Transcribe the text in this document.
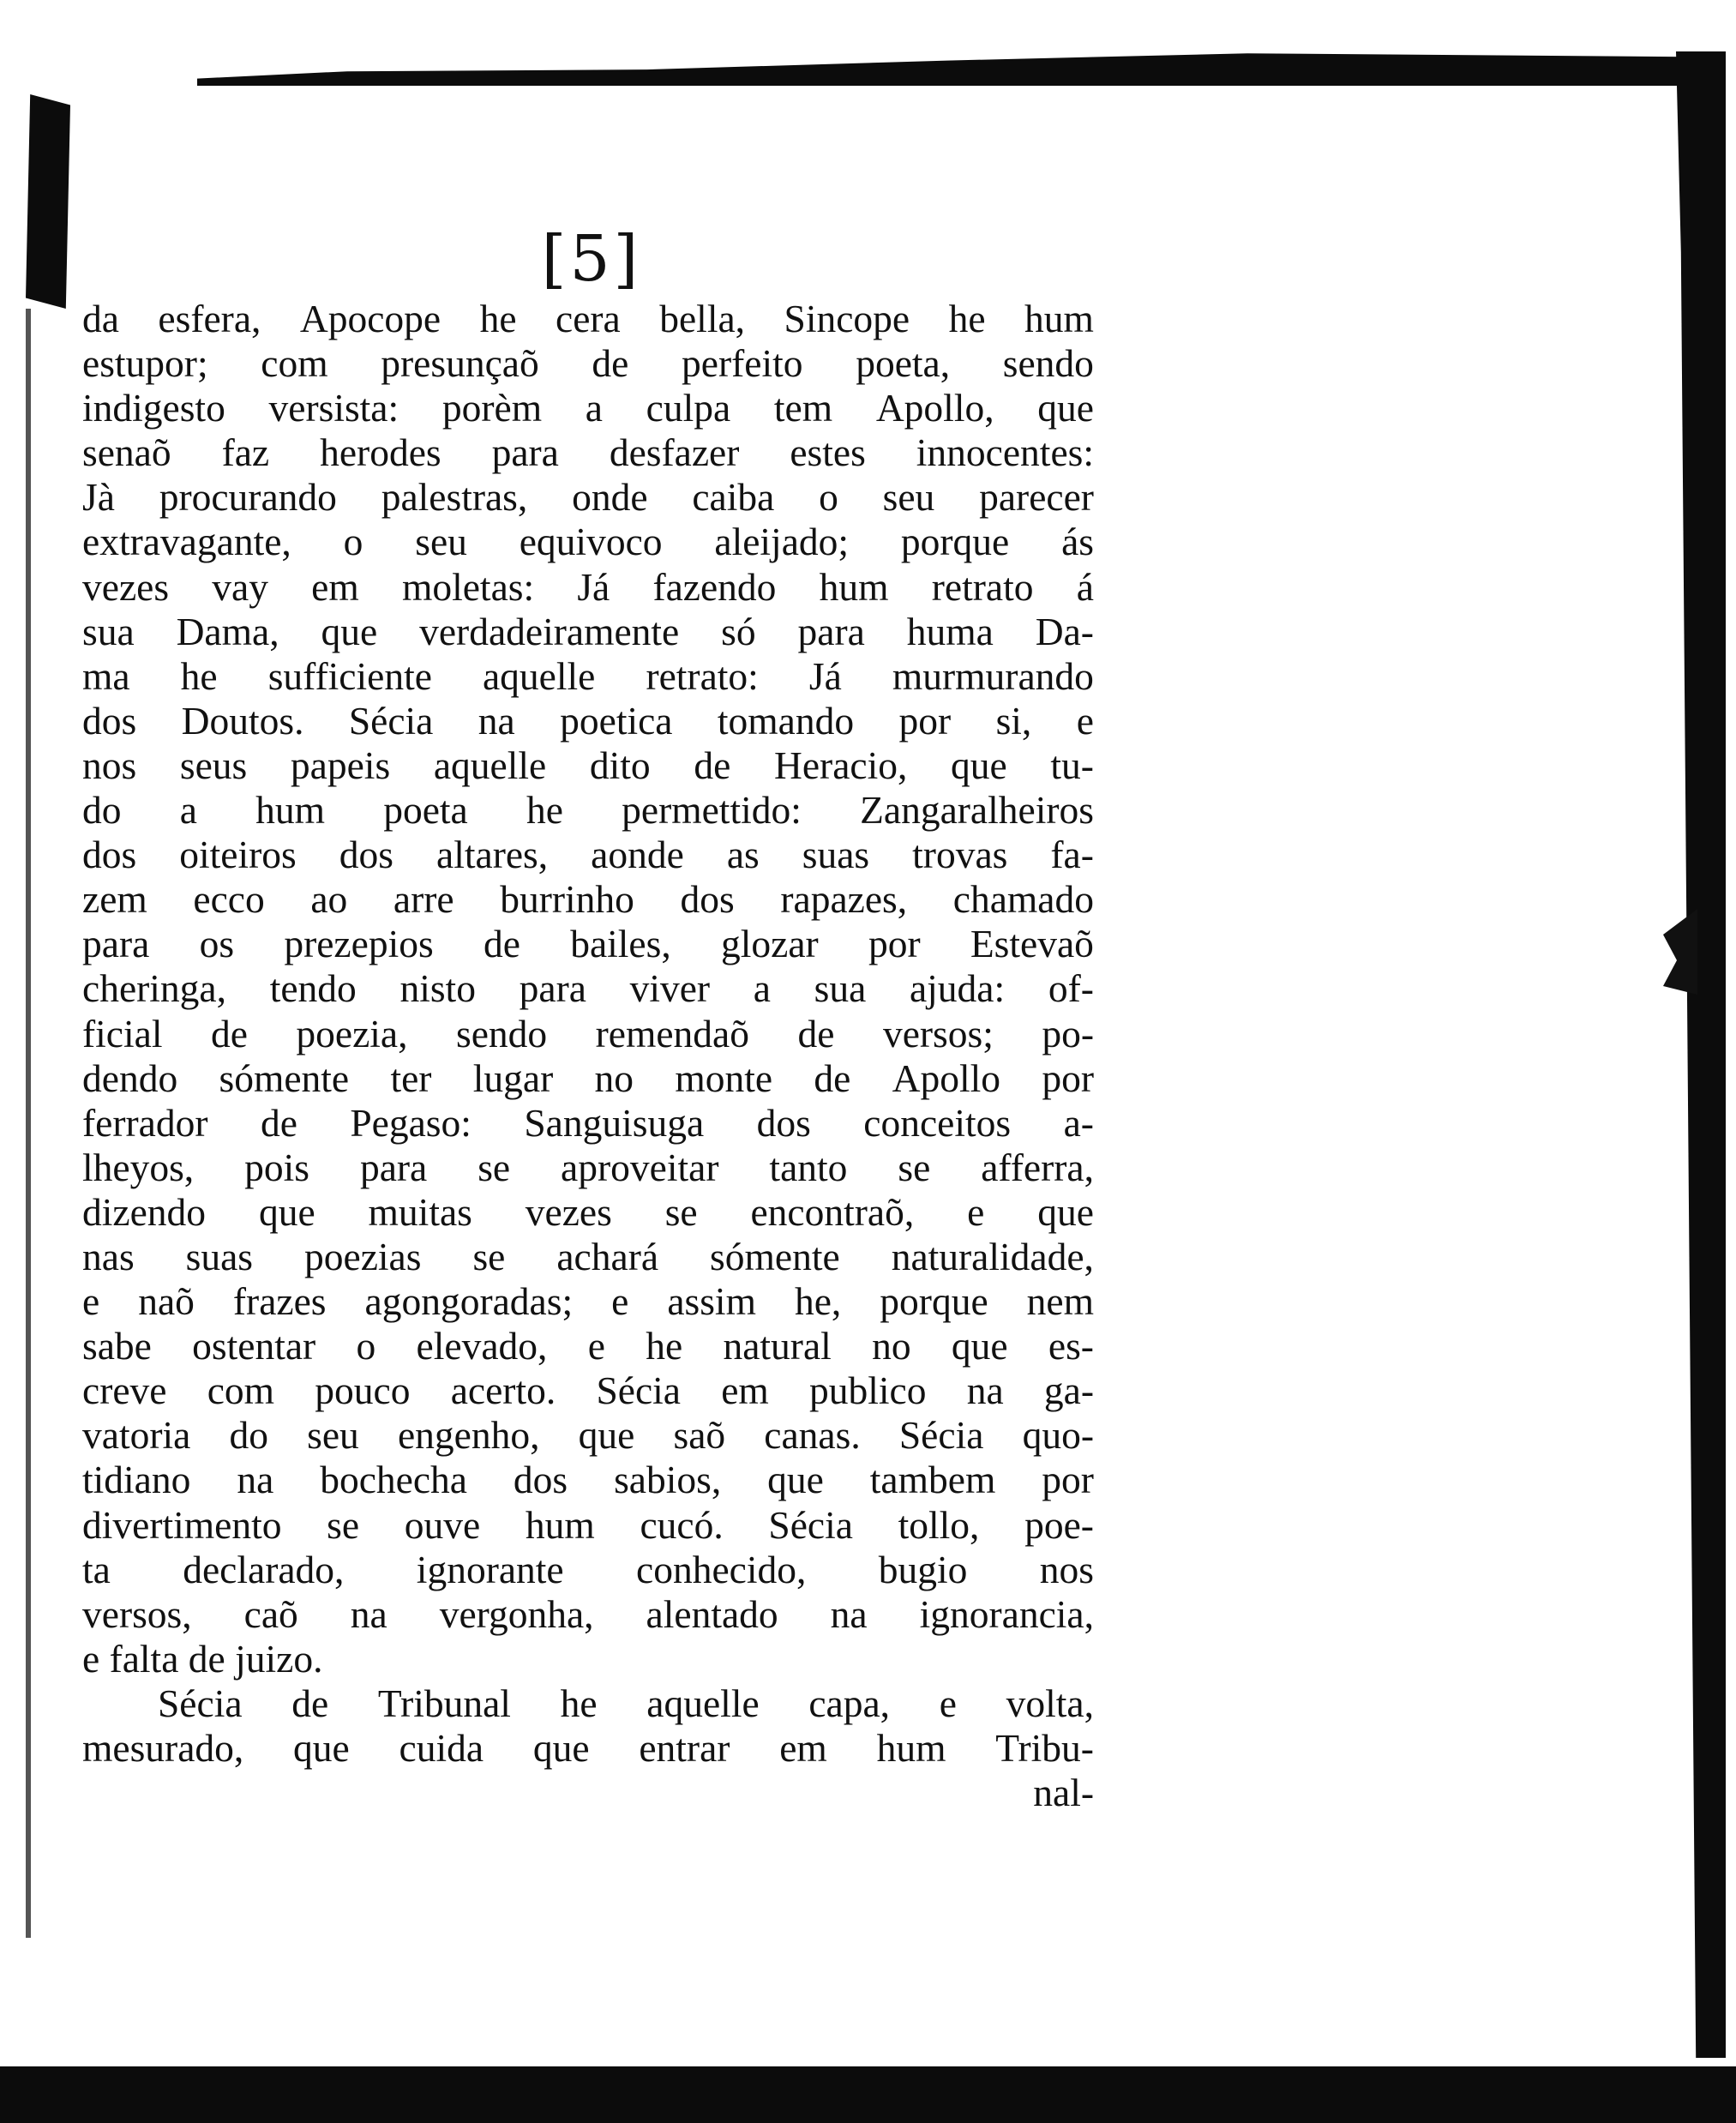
[5]
da esfera, Apocope he cera bella, Sincope he hum
estupor; com presunçaõ de perfeito poeta, sendo
indigesto versista: porèm a culpa tem Apollo, que
senaõ faz herodes para desfazer estes innocentes:
Jà procurando palestras, onde caiba o seu parecer
extravagante, o seu equivoco aleijado; porque ás
vezes vay em moletas: Já fazendo hum retrato á
sua Dama, que verdadeiramente só para huma Da-
ma he sufficiente aquelle retrato: Já murmurando
dos Doutos. Sécia na poetica tomando por si, e
nos seus papeis aquelle dito de Heracio, que tu-
do a hum poeta he permettido: Zangaralheiros
dos oiteiros dos altares, aonde as suas trovas fa-
zem ecco ao arre burrinho dos rapazes, chamado
para os prezepios de bailes, glozar por Estevaõ
cheringa, tendo nisto para viver a sua ajuda: of-
ficial de poezia, sendo remendaõ de versos; po-
dendo sómente ter lugar no monte de Apollo por
ferrador de Pegaso: Sanguisuga dos conceitos a-
lheyos, pois para se aproveitar tanto se afferra,
dizendo que muitas vezes se encontraõ, e que
nas suas poezias se achará sómente naturalidade,
e naõ frazes agongoradas; e assim he, porque nem
sabe ostentar o elevado, e he natural no que es-
creve com pouco acerto. Sécia em publico na ga-
vatoria do seu engenho, que saõ canas. Sécia quo-
tidiano na bochecha dos sabios, que tambem por
divertimento se ouve hum cucó. Sécia tollo, poe-
ta declarado, ignorante conhecido, bugio nos
versos, caõ na vergonha, alentado na ignorancia,
e falta de juizo.
Sécia de Tribunal he aquelle capa, e volta,
mesurado, que cuida que entrar em hum Tribu-
nal-
